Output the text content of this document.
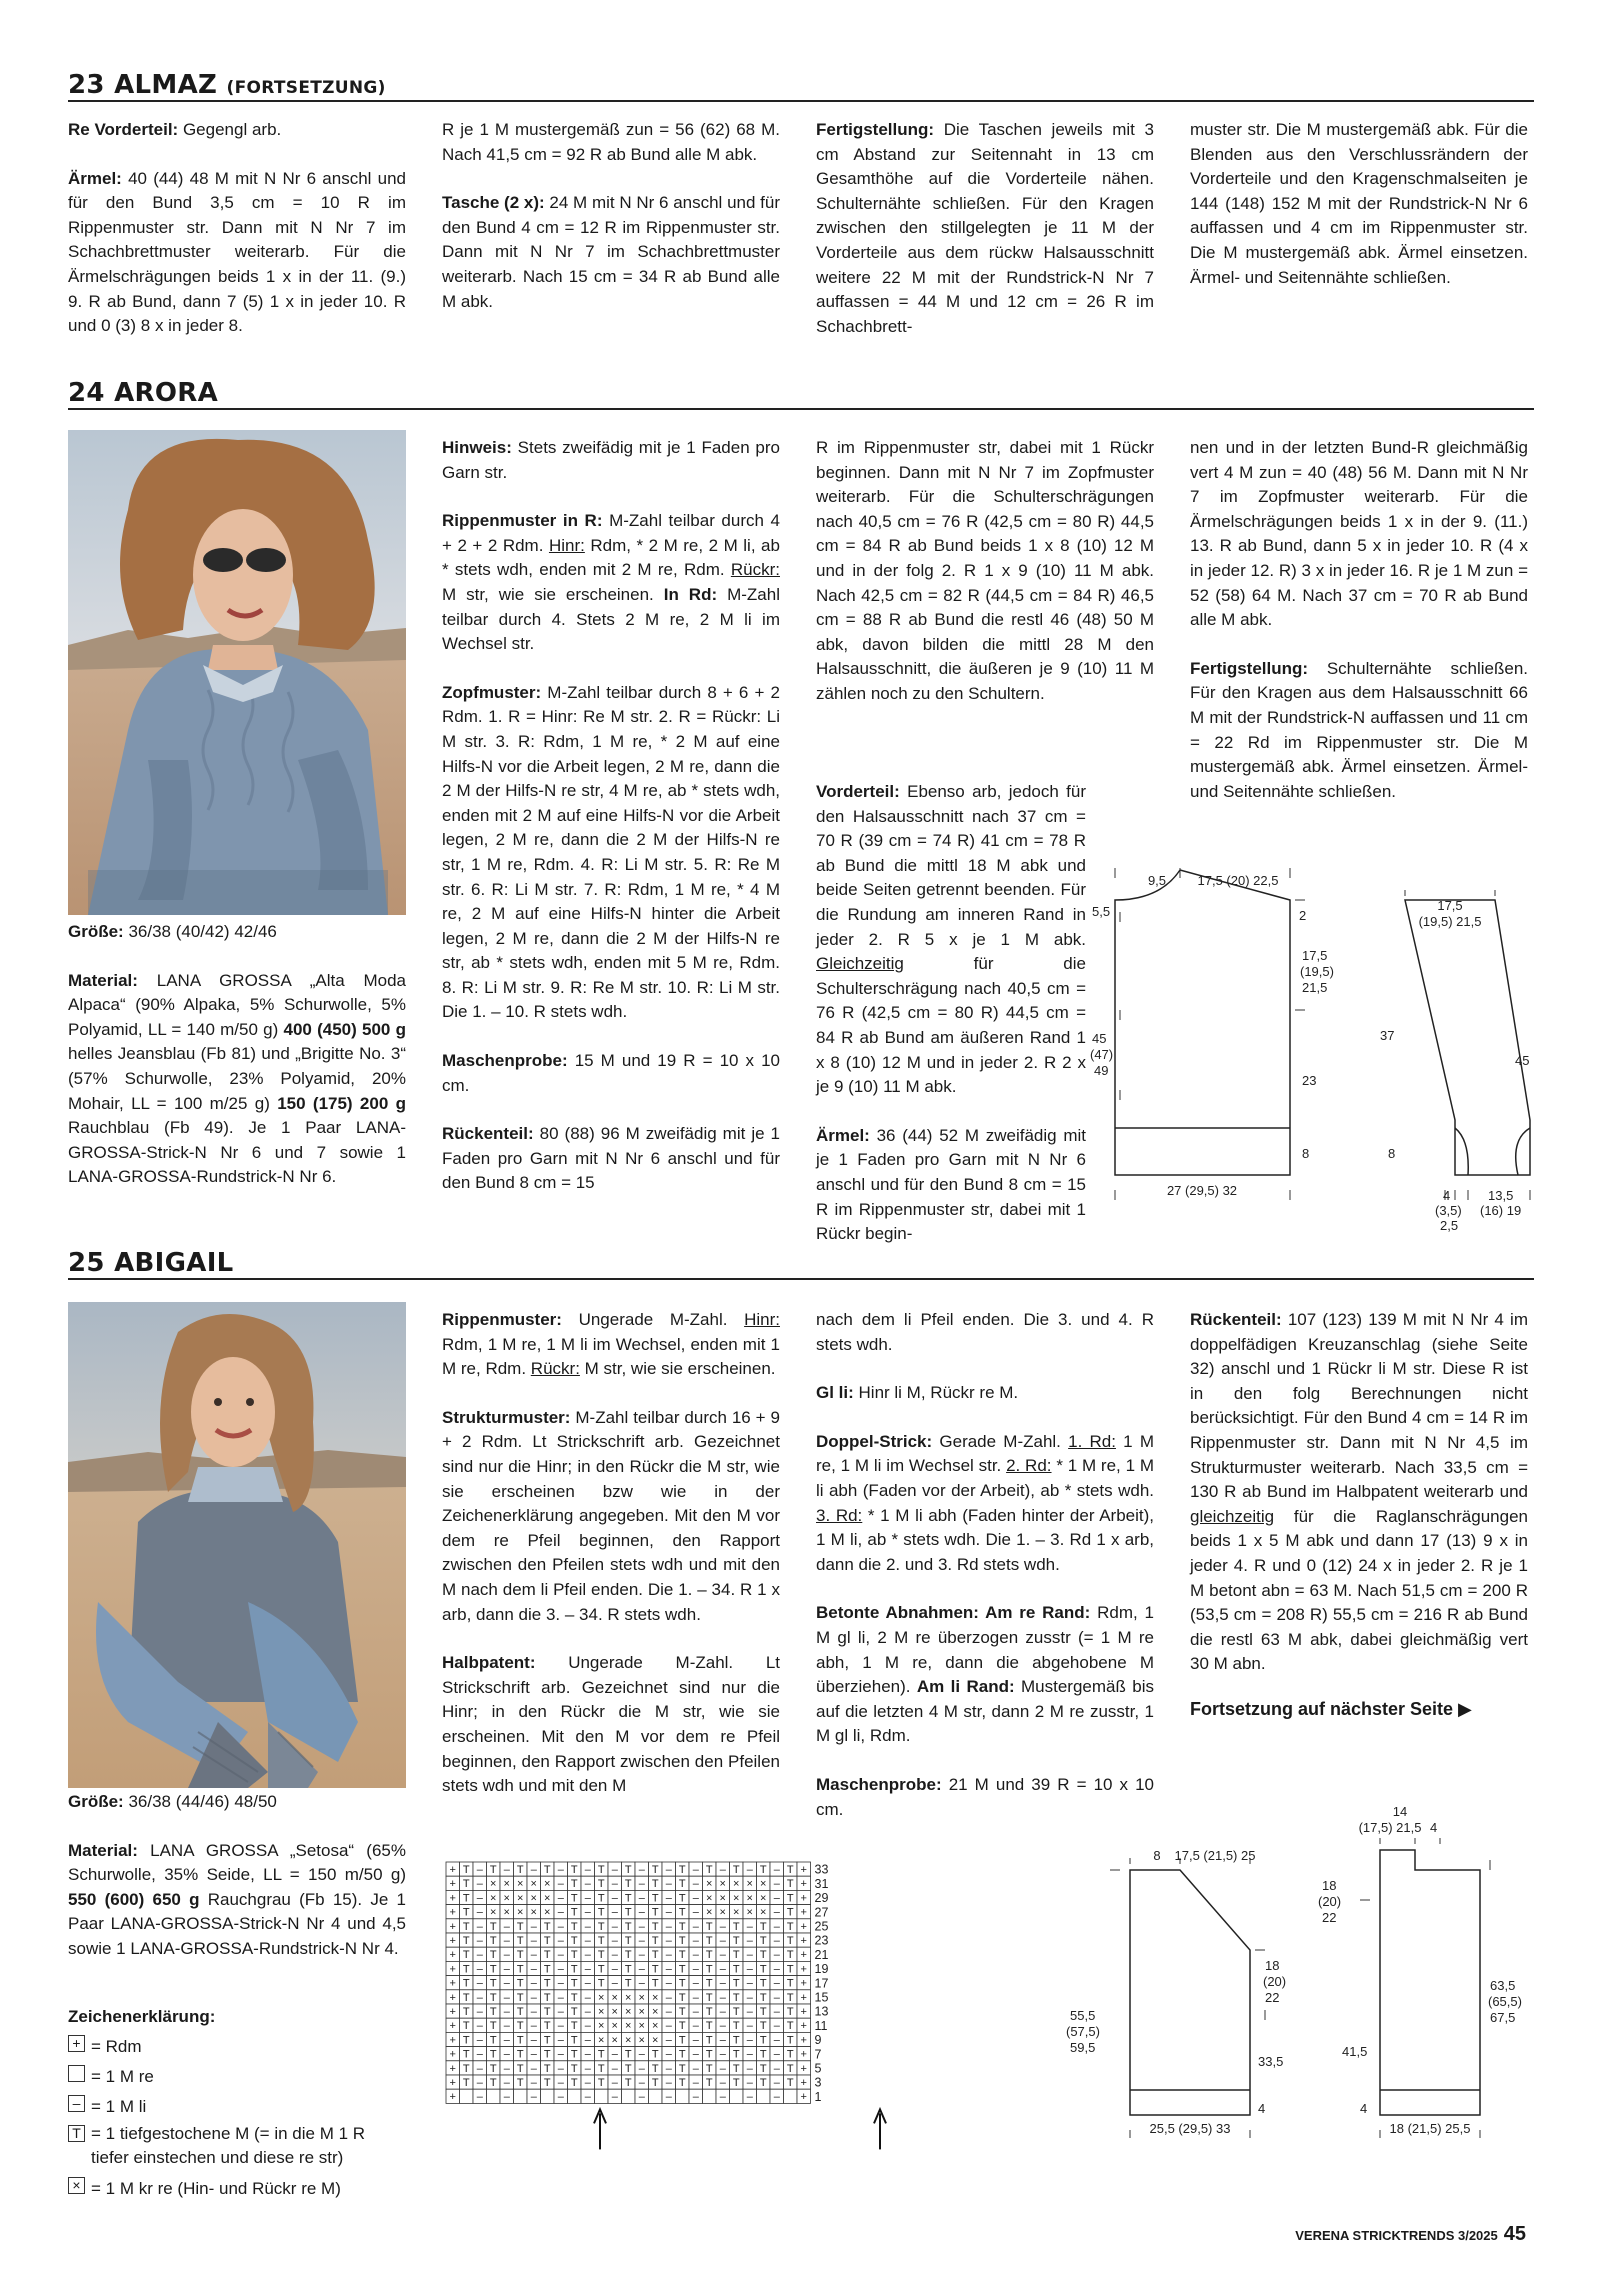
23 ALMAZ (FORTSETZUNG)

Re Vorderteil: Gegengl arb.

Ärmel: 40 (44) 48 M mit N Nr 6 anschl und für den Bund 3,5 cm = 10 R im Rippenmuster str. Dann mit N Nr 7 im Schachbrettmuster weiterarb. Für die Ärmelschrägungen beids 1 x in der 11. (9.) 9. R ab Bund, dann 7 (5) 1 x in jeder 10. R und 0 (3) 8 x in jeder 8.

R je 1 M mustergemäß zun = 56 (62) 68 M. Nach 41,5 cm = 92 R ab Bund alle M abk.

Tasche (2 x): 24 M mit N Nr 6 anschl und für den Bund 4 cm = 12 R im Rippenmuster str. Dann mit N Nr 7 im Schachbrettmuster weiterarb. Nach 15 cm = 34 R ab Bund alle M abk.

Fertigstellung: Die Taschen jeweils mit 3 cm Abstand zur Seitennaht in 13 cm Gesamthöhe auf die Vorderteile nähen. Schulternähte schließen. Für den Kragen zwischen den stillgelegten je 11 M der Vorderteile aus dem rückw Halsausschnitt weitere 22 M mit der Rundstrick-N Nr 7 auffassen = 44 M und 12 cm = 26 R im Schachbrett-

muster str. Die M mustergemäß abk. Für die Blenden aus den Verschlussrändern der Vorderteile und den Kragenschmalseiten je 144 (148) 152 M mit der Rundstrick-N Nr 6 auffassen und 4 cm im Rippenmuster str. Die M mustergemäß abk. Ärmel einsetzen. Ärmel- und Seitennähte schließen.

24 ARORA

Größe: 36/38 (40/42) 42/46

Material: LANA GROSSA „Alta Moda Alpaca“ (90% Alpaka, 5% Schurwolle, 5% Polyamid, LL = 140 m/50 g) 400 (450) 500 g helles Jeansblau (Fb 81) und „Brigitte No. 3“ (57% Schurwolle, 23% Polyamid, 20% Mohair, LL = 100 m/25 g) 150 (175) 200 g Rauchblau (Fb 49). Je 1 Paar LANA-GROSSA-Strick-N Nr 6 und 7 sowie 1 LANA-GROSSA-Rundstrick-N Nr 6.

Hinweis: Stets zweifädig mit je 1 Faden pro Garn str.

Rippenmuster in R: M-Zahl teilbar durch 4 + 2 + 2 Rdm. Hinr: Rdm, * 2 M re, 2 M li, ab * stets wdh, enden mit 2 M re, Rdm. Rückr: M str, wie sie erscheinen. In Rd: M-Zahl teilbar durch 4. Stets 2 M re, 2 M li im Wechsel str.

Zopfmuster: M-Zahl teilbar durch 8 + 6 + 2 Rdm. 1. R = Hinr: Re M str. 2. R = Rückr: Li M str. 3. R: Rdm, 1 M re, * 2 M auf eine Hilfs-N vor die Arbeit legen, 2 M re, dann die 2 M der Hilfs-N re str, 4 M re, ab * stets wdh, enden mit 2 M auf eine Hilfs-N vor die Arbeit legen, 2 M re, dann die 2 M der Hilfs-N re str, 1 M re, Rdm. 4. R: Li M str. 5. R: Re M str. 6. R: Li M str. 7. R: Rdm, 1 M re, * 4 M re, 2 M auf eine Hilfs-N hinter die Arbeit legen, 2 M re, dann die 2 M der Hilfs-N re str, ab * stets wdh, enden mit 5 M re, Rdm. 8. R: Li M str. 9. R: Re M str. 10. R: Li M str. Die 1. – 10. R stets wdh.

Maschenprobe: 15 M und 19 R = 10 x 10 cm.

Rückenteil: 80 (88) 96 M zweifädig mit je 1 Faden pro Garn mit N Nr 6 anschl und für den Bund 8 cm = 15

R im Rippenmuster str, dabei mit 1 Rückr beginnen. Dann mit N Nr 7 im Zopfmuster weiterarb. Für die Schulterschrägungen nach 40,5 cm = 76 R (42,5 cm = 80 R) 44,5 cm = 84 R ab Bund beids 1 x 8 (10) 12 M und in der folg 2. R 1 x 9 (10) 11 M abk. Nach 42,5 cm = 82 R (44,5 cm = 84 R) 46,5 cm = 88 R ab Bund die restl 46 (48) 50 M abk, davon bilden die mittl 28 M den Halsausschnitt, die äußeren je 9 (10) 11 M zählen noch zu den Schultern.

Vorderteil: Ebenso arb, jedoch für den Halsausschnitt nach 37 cm = 70 R (39 cm = 74 R) 41 cm = 78 R ab Bund die mittl 18 M abk und beide Seiten getrennt beenden. Für die Rundung am inneren Rand in jeder 2. R 5 x je 1 M abk. Gleichzeitig	für die Schulterschrägung nach 40,5 cm = 76 R (42,5 cm = 80 R) 44,5 cm = 84 R ab Bund am äußeren Rand 1 x 8 (10) 12 M und in jeder 2. R 2 x je 9 (10) 11 M abk.

Ärmel: 36 (44) 52 M zweifädig mit je 1 Faden pro Garn mit N Nr 6 anschl und für den Bund 8 cm = 15 R im Rippenmuster str, dabei mit 1 Rückr begin-

nen und in der letzten Bund-R gleichmäßig vert 4 M zun = 40 (48) 56 M. Dann mit N Nr 7 im Zopfmuster weiterarb. Für die Ärmelschrägungen beids 1 x in der 9. (11.) 13. R ab Bund, dann 5 x in jeder 10. R (4 x in jeder 12. R) 3 x in jeder 16. R je 1 M zun = 52 (58) 64 M. Nach 37 cm = 70 R ab Bund alle M abk.

Fertigstellung: Schulternähte schließen. Für den Kragen aus dem Halsausschnitt 66 M mit der Rundstrick-N auffassen und 11 cm = 22 Rd im Rippenmuster str. Die M mustergemäß abk. Ärmel einsetzen. Ärmel- und Seitennähte schließen.

9,5 17,5 (20) 22,5
5,5	2
17,5
(19,5)
21,5
45
(47)
49
23
8
27 (29,5) 32
17,5
(19,5) 21,5
37
45
8
4
(3,5)
2,5
13,5
(16) 19
25 ABIGAIL

Größe: 36/38 (44/46) 48/50

Material: LANA GROSSA „Setosa“ (65% Schurwolle, 35% Seide, LL = 150 m/50 g) 550 (600) 650 g Rauchgrau (Fb 15). Je 1 Paar LANA-GROSSA-Strick-N Nr 4 und 4,5 sowie 1 LANA-GROSSA-Rundstrick-N Nr 4.

Zeichenerklärung:
+ = Rdm
= 1 M re
– = 1 M li
T = 1 tiefgestochene M (= in die M 1 R tiefer einstechen und diese re str)
× = 1 M kr re (Hin- und Rückr re M)

Rippenmuster: Ungerade M-Zahl. Hinr: Rdm, 1 M re, 1 M li im Wechsel, enden mit 1 M re, Rdm. Rückr: M str, wie sie erscheinen.

Strukturmuster: M-Zahl teilbar durch 16 + 9 + 2 Rdm. Lt Strickschrift arb. Gezeichnet sind nur die Hinr; in den Rückr die M str, wie sie erscheinen bzw wie in der Zeichenerklärung angegeben. Mit den M vor dem re Pfeil beginnen, den Rapport zwischen den Pfeilen stets wdh und mit den M nach dem li Pfeil enden. Die 1. – 34. R 1 x arb, dann die 3. – 34. R stets wdh.

Halbpatent: Ungerade M-Zahl. Lt Strickschrift arb. Gezeichnet sind nur die Hinr; in den Rückr die M str, wie sie erscheinen. Mit den M vor dem re Pfeil beginnen, den Rapport zwischen den Pfeilen stets wdh und mit den M

nach dem li Pfeil enden. Die 3. und 4. R stets wdh.

Gl li: Hinr li M, Rückr re M.

Doppel-Strick: Gerade M-Zahl. 1. Rd: 1 M re, 1 M li im Wechsel str. 2. Rd: * 1 M re, 1 M li abh (Faden vor der Arbeit), ab * stets wdh. 3. Rd: * 1 M li abh (Faden hinter der Arbeit), 1 M li, ab * stets wdh. Die 1. – 3. Rd 1 x arb, dann die 2. und 3. Rd stets wdh.

Betonte Abnahmen: Am re Rand: Rdm, 1 M gl li, 2 M re überzogen zusstr (= 1 M re abh, 1 M re, dann die abgehobene M überziehen). Am li Rand: Mustergemäß bis auf die letzten 4 M str, dann 2 M re zusstr, 1 M gl li, Rdm.

Maschenprobe: 21 M und 39 R = 10 x 10 cm.

Rückenteil: 107 (123) 139 M mit N Nr 4 im doppelfädigen Kreuzanschlag (siehe Seite 32) anschl und 1 Rückr li M str. Diese R ist in den folg Berechnungen nicht berücksichtigt. Für den Bund 4 cm = 14 R im Rippenmuster str. Dann mit N Nr 4,5 im Strukturmuster weiterarb. Nach 33,5 cm = 130 R ab Bund im Halbpatent weiterarb und gleichzeitig für die Raglanschrägungen beids 1 x 5 M abk und dann 17 (13) 9 x in jeder 4. R und 0 (12) 24 x in jeder 2. R je 1 M betont abn = 63 M. Nach 51,5 cm = 200 R (53,5 cm = 208 R) 55,5 cm = 216 R ab Bund die restl 63 M abk, dabei gleichmäßig vert 30 M abn.

Fortsetzung auf nächster Seite ▶

+ T – T – T – T – T – T – T – T – T – T – T – T – T + 33
+ T – × × × × × – T – T – T – T – T – × × × × × – T + 31
+ T – × × × × × – T – T – T – T – T – × × × × × – T + 29
+ T – × × × × × – T – T – T – T – T – × × × × × – T + 27
+ T – T – T – T – T – T – T – T – T – T – T – T – T + 25
+ T – T – T – T – T – T – T – T – T – T – T – T – T + 23
+ T – T – T – T – T – T – T – T – T – T – T – T – T + 21
+ T – T – T – T – T – T – T – T – T – T – T – T – T + 19
+ T – T – T – T – T – T – T – T – T – T – T – T – T + 17
+ T – T – T – T – T – × × × × × – T – T – T – T – T + 15
+ T – T – T – T – T – × × × × × – T – T – T – T – T + 13
+ T – T – T – T – T – × × × × × – T – T – T – T – T + 11
+ T – T – T – T – T – × × × × × – T – T – T – T – T + 9
+ T – T – T – T – T – T – T – T – T – T – T – T – T + 7
+ T – T – T – T – T – T – T – T – T – T – T – T – T + 5
+ T – T – T – T – T – T – T – T – T – T – T – T – T + 3
+ – – – – – – – – – – – – + 1
8 17,5 (21,5) 25
18
(20)
22
55,5
(57,5)
59,5
33,5
4
25,5 (29,5) 33
14
(17,5) 21,5 4
18
(20)
22
63,5
(65,5)
67,5
41,5
4
18 (21,5) 25,5
VERENA STRICKTRENDS 3/2025 45
